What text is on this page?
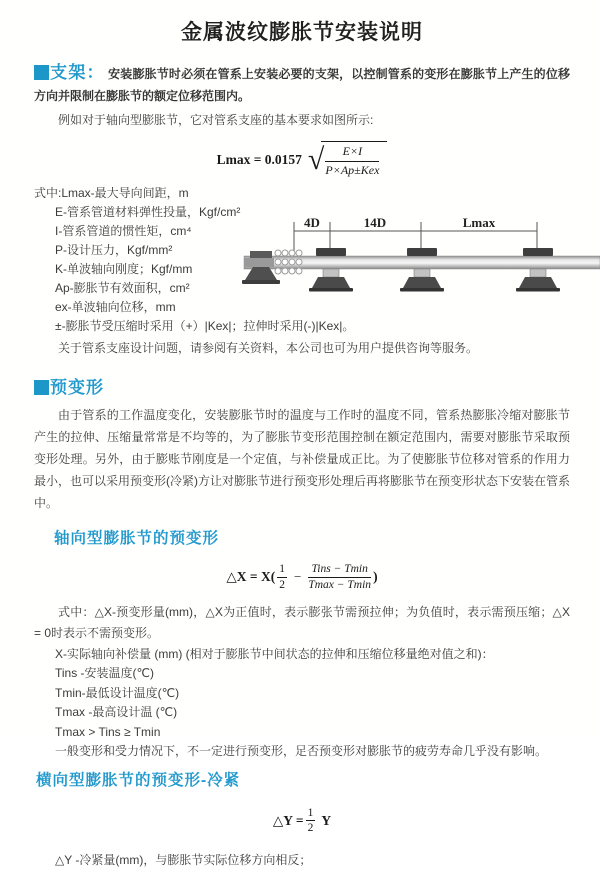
金属波纹膨胀节安装说明

支架： 安装膨胀节时必须在管系上安装必要的支架，以控制管系的变形在膨胀节上产生的位移方向并限制在膨胀节的额定位移范围内。

例如对于轴向型膨胀节，它对管系支座的基本要求如图所示:

Lmax = 0.0157 √ $\frac{E\times I}{\text{P×Ap±Kex}}$
式中:Lmax-最大导向间距，m
E-管系管道材料弹性投量，Kgf/cm²
I-管系管道的惯性矩，cm⁴
P-设计压力，Kgf/mm²
K-单波轴向刚度；Kgf/mm
Ap-膨胀节有效面积，cm²
ex-单波轴向位移，mm
±-膨胀节受压缩时采用（+）|Kex|；拉伸时采用(-)|Kex|。
4D	14D	Lmax

关于管系支座设计问题，请参阅有关资料，本公司也可为用户提供咨询等服务。

预变形

由于管系的工作温度变化，安装膨胀节时的温度与工作时的温度不同，管系热膨胀冷缩对膨胀节产生的拉伸、压缩量常常是不均等的，为了膨胀节变形范围控制在额定范围内，需要对膨胀节采取预变形处理。另外，由于膨账节刚度是一个定值，与补偿量成正比。为了使膨胀节位移对管系的作用力最小，也可以采用预变形(冷紧)方让对膨胀节进行预变形处理后再将膨胀节在预变形状态下安装在管系中。

轴向型膨胀节的预变形
△X = X( 1
2
− Tins − Tmin
Tmax − Tmin
)

式中：△X-预变形量(mm)，△X为正值时，表示膨张节需预拉伸；为负值时，表示需预压缩；△X = 0时表示不需预变形。

X-实际轴向补偿量 (mm) (相对于膨胀节中间状态的拉伸和压缩位移量绝对值之和)：
Tins -安装温度(℃)
Tmin-最低设计温度(℃)
Tmax -最高设计温 (℃)
Tmax > Tins ≥ Tmin
一般变形和受力情况下，不一定进行预变形，足否预变形对膨胀节的疲劳寿命几乎没有影响。
横向型膨胀节的预变形-冷紧
△Y = $\frac{1}{2}$ Y
△Y -冷紧量(mm)，与膨胀节实际位移方向相反；
